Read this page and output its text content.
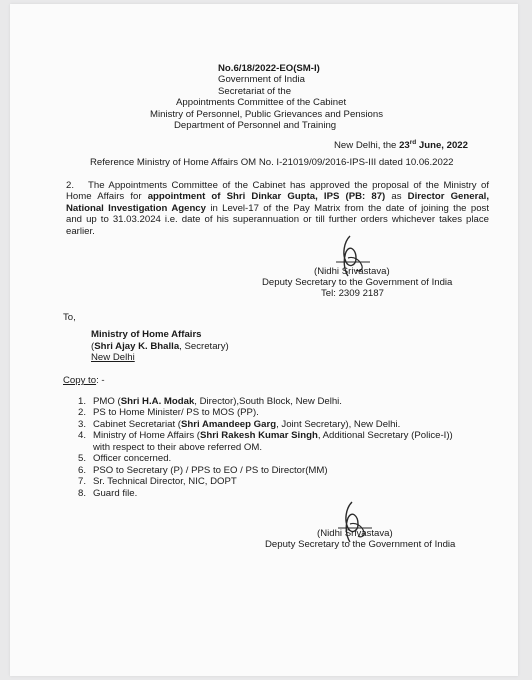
No.6/18/2022-EO(SM-I)
Government of India
Secretariat of the
Appointments Committee of the Cabinet
Ministry of Personnel, Public Grievances and Pensions
Department of Personnel and Training
New Delhi, the 23rd June, 2022
Reference Ministry of Home Affairs OM No. I-21019/09/2016-IPS-III dated 10.06.2022
2. The Appointments Committee of the Cabinet has approved the proposal of the Ministry of
Home Affairs for appointment of Shri Dinkar Gupta, IPS (PB: 87) as Director General,
National Investigation Agency in Level-17 of the Pay Matrix from the date of joining the post
and up to 31.03.2024 i.e. date of his superannuation or till further orders whichever takes place
earlier.
(Nidhi Srivastava)
Deputy Secretary to the Government of India
Tel: 2309 2187
To,
Ministry of Home Affairs
(Shri Ajay K. Bhalla, Secretary)
New Delhi
Copy to: -
1. PMO (Shri H.A. Modak, Director),South Block, New Delhi.
2. PS to Home Minister/ PS to MOS (PP).
3. Cabinet Secretariat (Shri Amandeep Garg, Joint Secretary), New Delhi.
4. Ministry of Home Affairs (Shri Rakesh Kumar Singh, Additional Secretary (Police-I))
with respect to their above referred OM.
5. Officer concerned.
6. PSO to Secretary (P) / PPS to EO / PS to Director(MM)
7. Sr. Technical Director, NIC, DOPT
8. Guard file.
(Nidhi Srivastava)
Deputy Secretary to the Government of India
